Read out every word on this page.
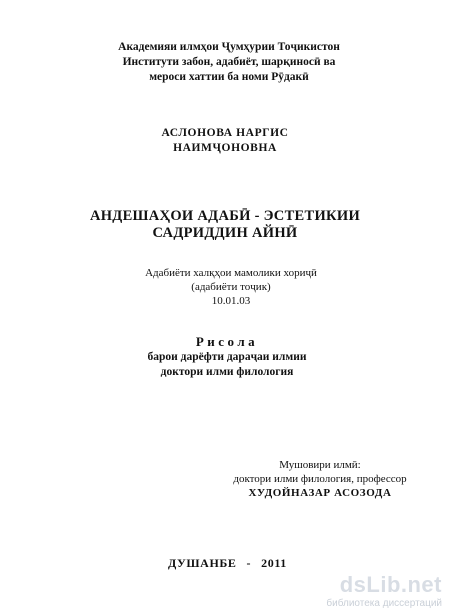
Академияи илмҳои Ҷумҳурии Тоҷикистон
Институти забон, адабиёт, шарқиносӣ ва
мероси хаттии ба номи Рӯдакӣ
АСЛОНОВА НАРГИС
НАИМҶОНОВНА
АНДЕШАҲОИ АДАБӢ - ЭСТЕТИКИИ
САДРИДДИН АЙНӢ
Адабиёти халқҳои мамолики хориҷӣ
(адабиёти тоҷик)
10.01.03
Рисола
барои дарёфти дараҷаи илмии
доктори илми филология
Мушовири илмӣ:
доктори илми филология, профессор
ХУДОЙНАЗАР АСОЗОДА
ДУШАНБЕ - 2011
dsLib.net
библиотека диссертаций
